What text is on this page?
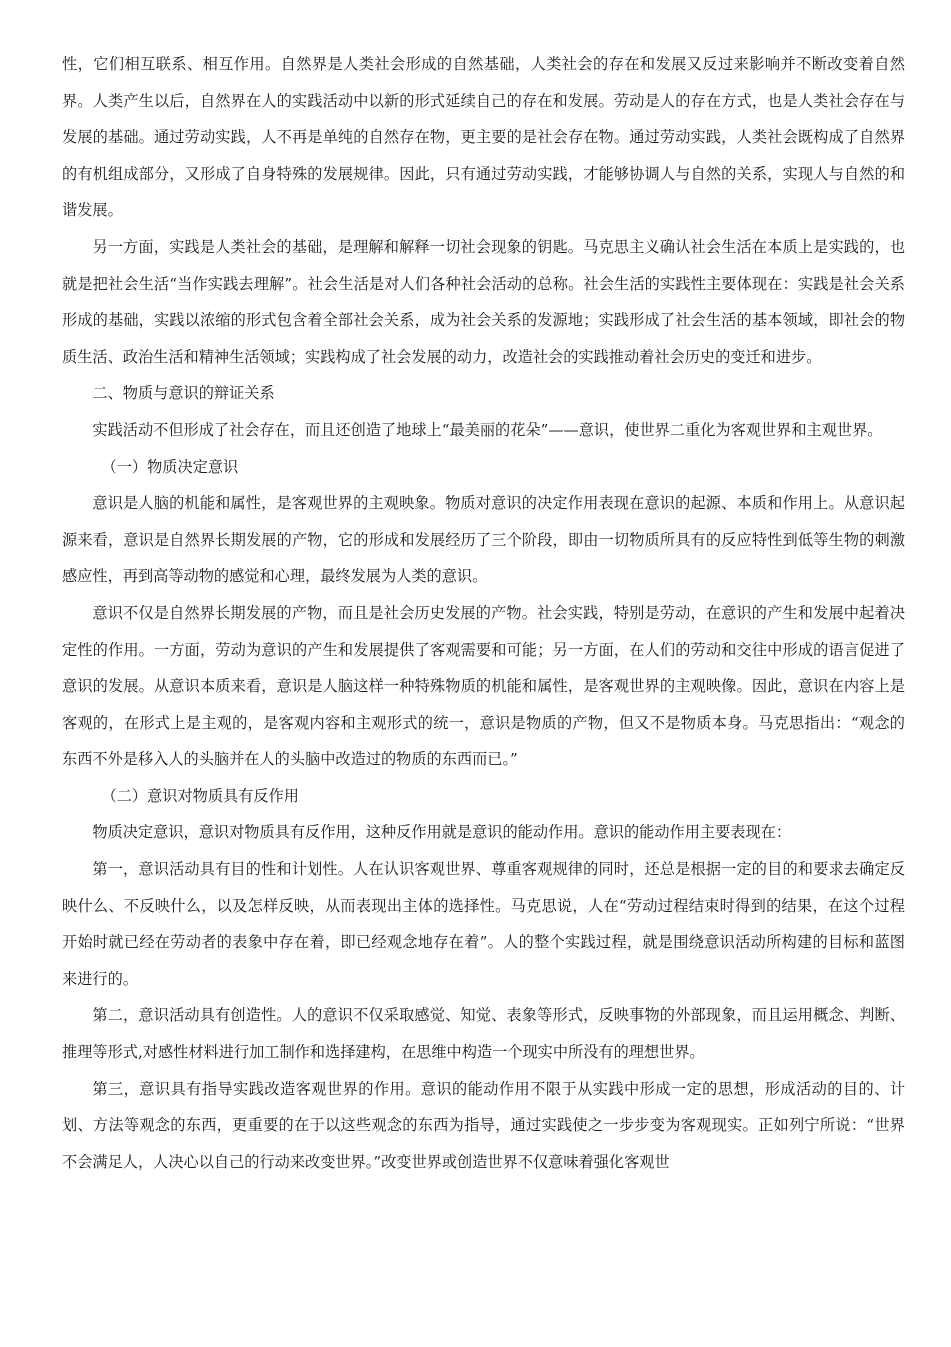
性，它们相互联系、相互作用。自然界是人类社会形成的自然基础，人类社会的存在和发展又反过来影响并不断改变着自然界。人类产生以后，自然界在人的实践活动中以新的形式延续自己的存在和发展。劳动是人的存在方式，也是人类社会存在与发展的基础。通过劳动实践，人不再是单纯的自然存在物，更主要的是社会存在物。通过劳动实践，人类社会既构成了自然界的有机组成部分，又形成了自身特殊的发展规律。因此，只有通过劳动实践，才能够协调人与自然的关系，实现人与自然的和谐发展。

另一方面，实践是人类社会的基础，是理解和解释一切社会现象的钥匙。马克思主义确认社会生活在本质上是实践的，也就是把社会生活“当作实践去理解”。社会生活是对人们各种社会活动的总称。社会生活的实践性主要体现在：实践是社会关系形成的基础，实践以浓缩的形式包含着全部社会关系，成为社会关系的发源地；实践形成了社会生活的基本领域，即社会的物质生活、政治生活和精神生活领域；实践构成了社会发展的动力，改造社会的实践推动着社会历史的变迁和进步。

二、物质与意识的辩证关系

实践活动不但形成了社会存在，而且还创造了地球上“最美丽的花朵”——意识，使世界二重化为客观世界和主观世界。

（一）物质决定意识

意识是人脑的机能和属性，是客观世界的主观映象。物质对意识的决定作用表现在意识的起源、本质和作用上。从意识起源来看，意识是自然界长期发展的产物，它的形成和发展经历了三个阶段，即由一切物质所具有的反应特性到低等生物的刺激感应性，再到高等动物的感觉和心理，最终发展为人类的意识。

意识不仅是自然界长期发展的产物，而且是社会历史发展的产物。社会实践，特别是劳动，在意识的产生和发展中起着决定性的作用。一方面，劳动为意识的产生和发展提供了客观需要和可能；另一方面，在人们的劳动和交往中形成的语言促进了意识的发展。从意识本质来看，意识是人脑这样一种特殊物质的机能和属性，是客观世界的主观映像。因此，意识在内容上是客观的，在形式上是主观的，是客观内容和主观形式的统一，意识是物质的产物，但又不是物质本身。马克思指出：“观念的东西不外是移入人的头脑并在人的头脑中改造过的物质的东西而已。”

（二）意识对物质具有反作用

物质决定意识，意识对物质具有反作用，这种反作用就是意识的能动作用。意识的能动作用主要表现在：

第一，意识活动具有目的性和计划性。人在认识客观世界、尊重客观规律的同时，还总是根据一定的目的和要求去确定反映什么、不反映什么，以及怎样反映，从而表现出主体的选择性。马克思说，人在“劳动过程结束时得到的结果，在这个过程开始时就已经在劳动者的表象中存在着，即已经观念地存在着”。人的整个实践过程，就是围绕意识活动所构建的目标和蓝图来进行的。

第二，意识活动具有创造性。人的意识不仅采取感觉、知觉、表象等形式，反映事物的外部现象，而且运用概念、判断、推理等形式,对感性材料进行加工制作和选择建构，在思维中构造一个现实中所没有的理想世界。

第三，意识具有指导实践改造客观世界的作用。意识的能动作用不限于从实践中形成一定的思想，形成活动的目的、计划、方法等观念的东西，更重要的在于以这些观念的东西为指导，通过实践使之一步步变为客观现实。正如列宁所说：“世界不会满足人，人决心以自己的行动来改变世界。”改变世界或创造世界不仅意味着强化客观世
